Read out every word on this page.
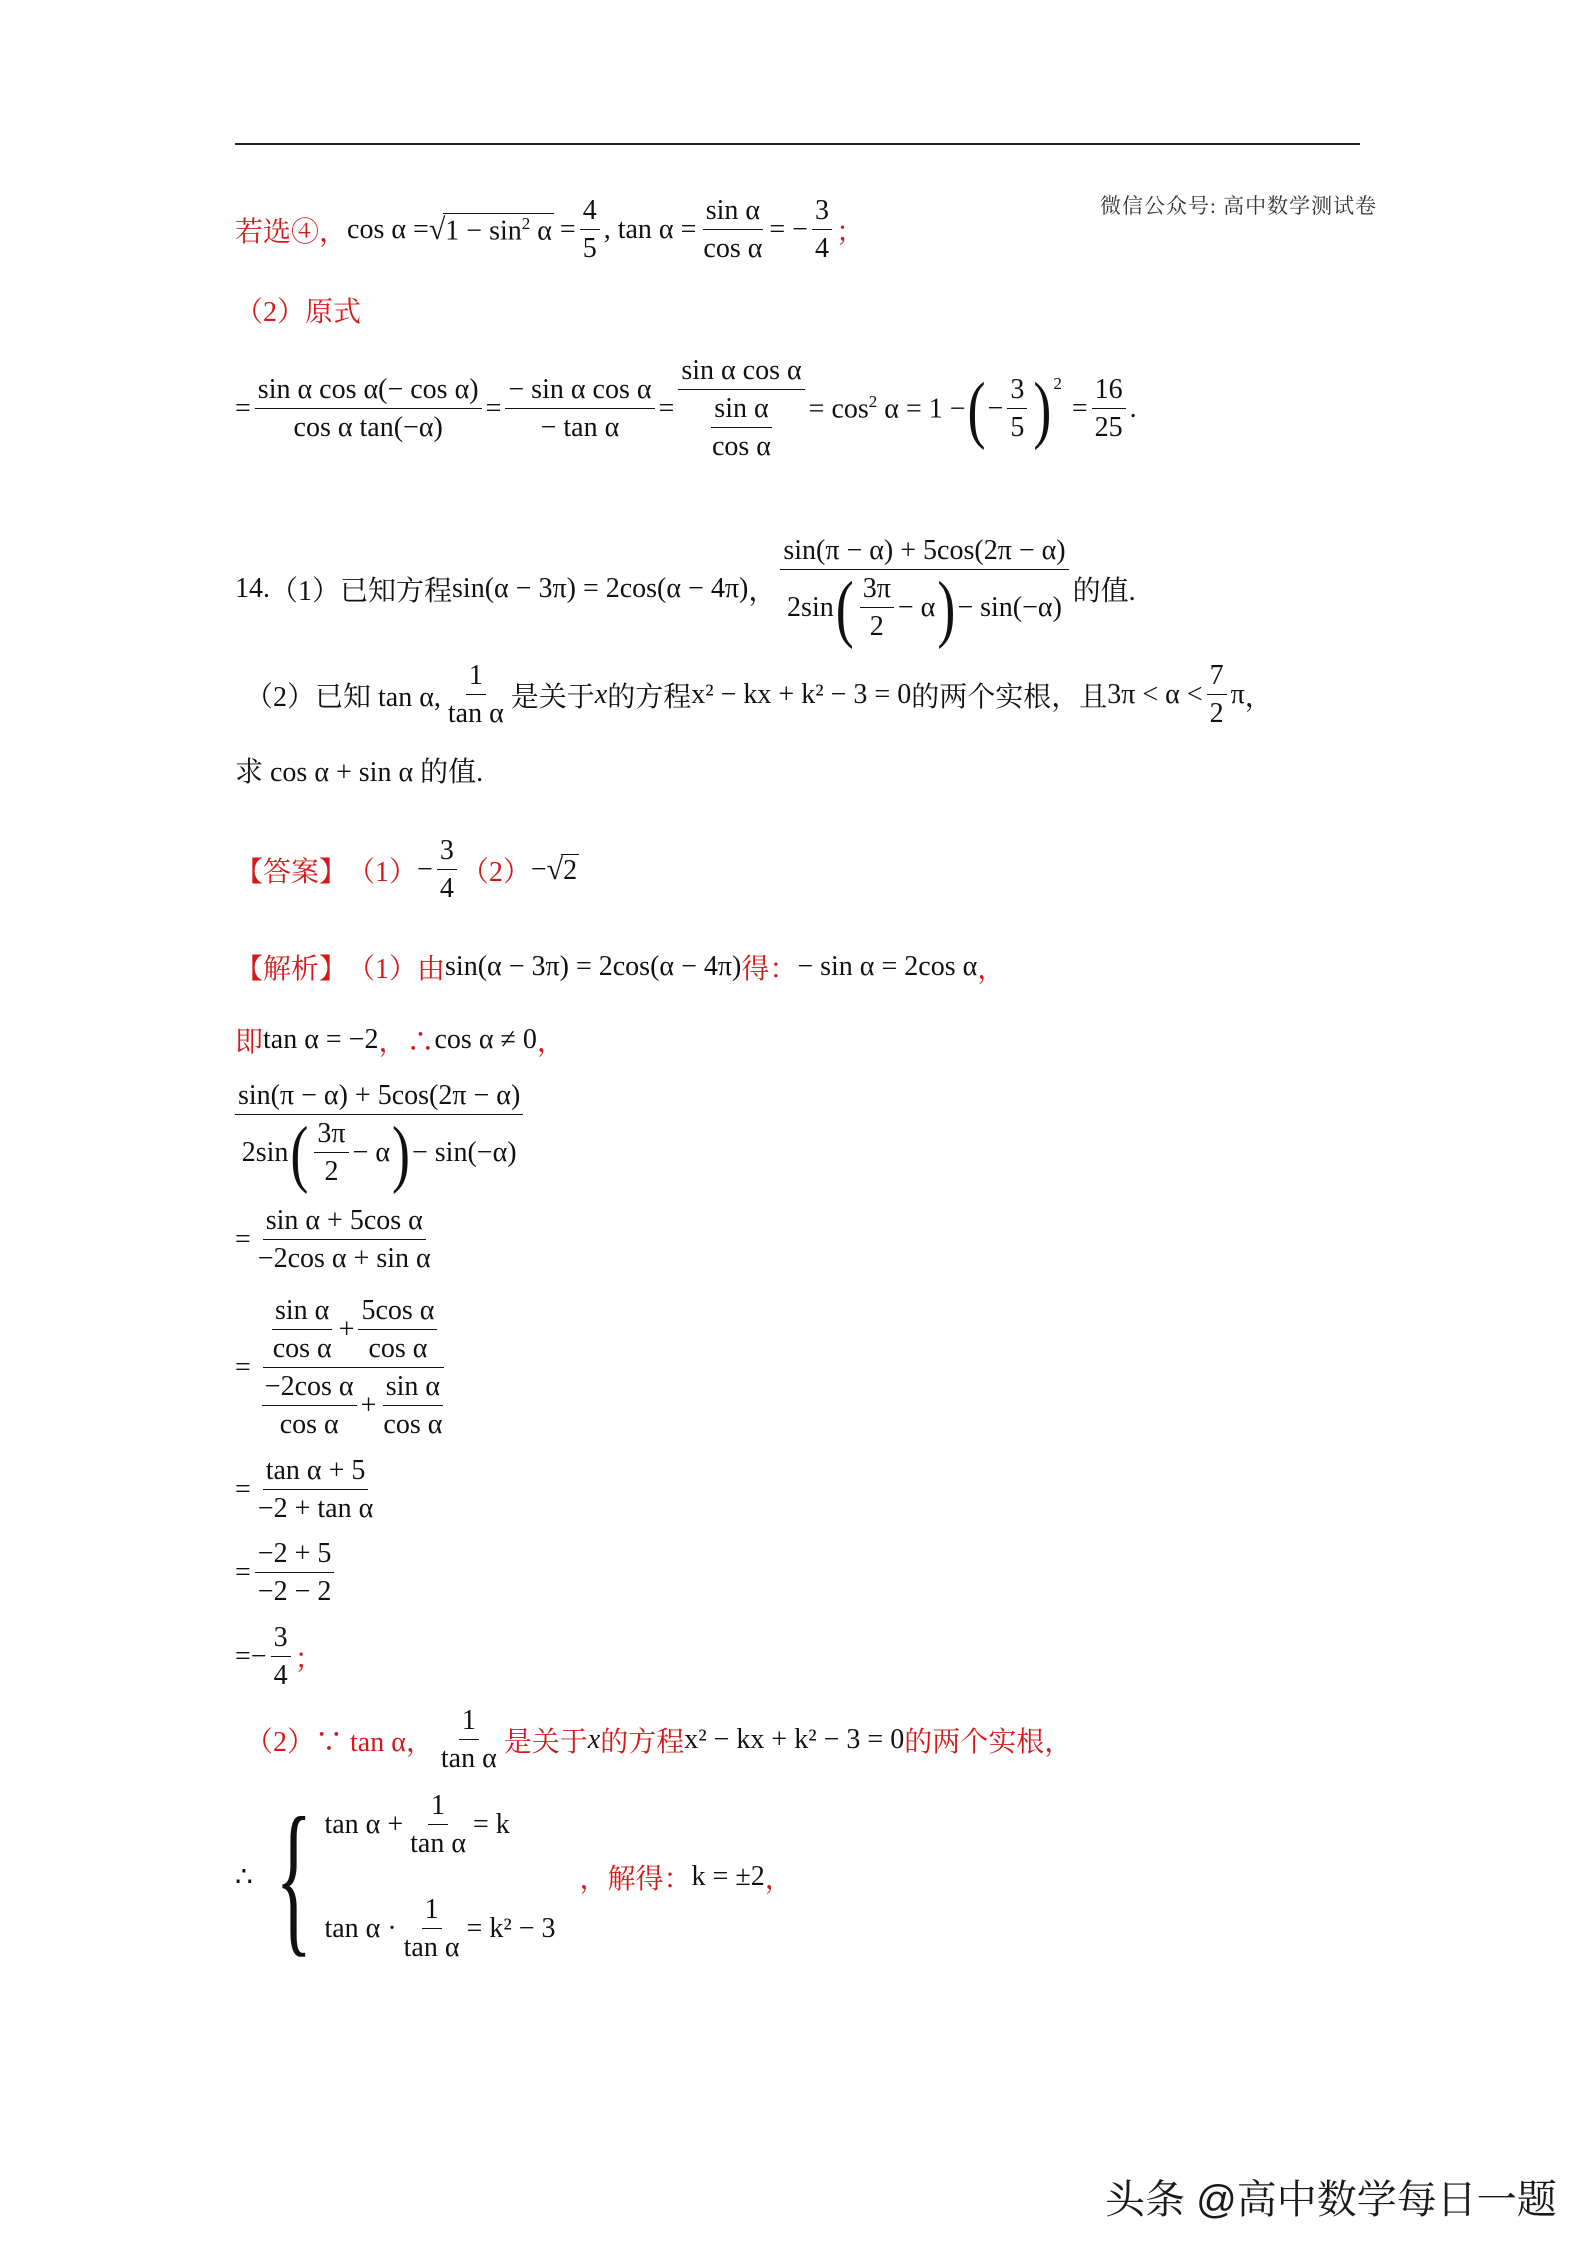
微信公众号: 高中数学测试卷
若选④， cos α = √ $1 - \sin^2 \alpha = \frac{4}{5}$ , $\tan \alpha = \frac{\text{sin α}}{\text{cos α}}$ = − $\frac{3}{4}$ ；
（2）原式
= $\frac{\text{sin α cos α(− cos α)}}{\text{cos α tan(−α)}} = \frac{\text{− sin α cos α}}{\text{− tan α}} = \frac{\text{sin α cos α}}{\frac{\text{sin α}}{\text{cos α}}} = \cos^2 \alpha = 1$ − ( − $\frac{3}{5} )^2$
= $\frac{16}{25}$ .
14. （1）已知方程 sin(α − 3π) = 2cos(α − 4π) ， $\frac{\sin(\pi - \alpha) + 5\cos(2\pi - \alpha)}{2\sin ( \frac{3\pi}{2} - \alpha ) - \sin(-\alpha)}$ 的值.
（2）已知 tan α, $\frac{1}{\text{tan α}}$ 是关于 x 的方程 x² − kx + k² − 3 = 0 的两个实根，且 $3\pi < \alpha < \frac{7}{2}$ π ，
求 cos α + sin α 的值.
【答案】 $(1) - \frac{3}{4} (2)$ − √ 2
【解析】 （1）由 sin(α − 3π) = 2cos(α − 4π) 得： − sin α = 2cos α ，
即 tan α = −2 ，∴ cos α ≠ 0 ，
$\frac{\sin(\pi - \alpha) + 5\cos(2\pi - \alpha)}{2\sin ( \frac{3\pi}{2} - \alpha ) - \sin(-\alpha)}$
= $\frac{\text{sin α + 5cos α}}{\text{−2cos α + sin α}}$
= $\frac{\frac{\text{sin α}}{\text{cos α}} + \frac{\text{5cos α}}{\text{cos α}}}{\frac{\text{−2cos α}}{\text{cos α}} + \frac{\text{sin α}}{\text{cos α}}}$
= $\frac{\text{tan α + 5}}{\text{−2 + tan α}}$
= $\frac{-2 + 5}{-2 - 2}$
= − $\frac{3}{4}$ ；
（2）∵ tan α， $\frac{1}{\text{tan α}}$ 是关于 x 的方程 x² − kx + k² − 3 = 0 的两个实根，
∴ { $\tan \alpha + \frac{1}{\text{tan α}} = k$
$\tan \alpha \cdot \frac{1}{\text{tan α}} = k^2 - 3$
，解得： k = ±2 ，
头条 @高中数学每日一题
